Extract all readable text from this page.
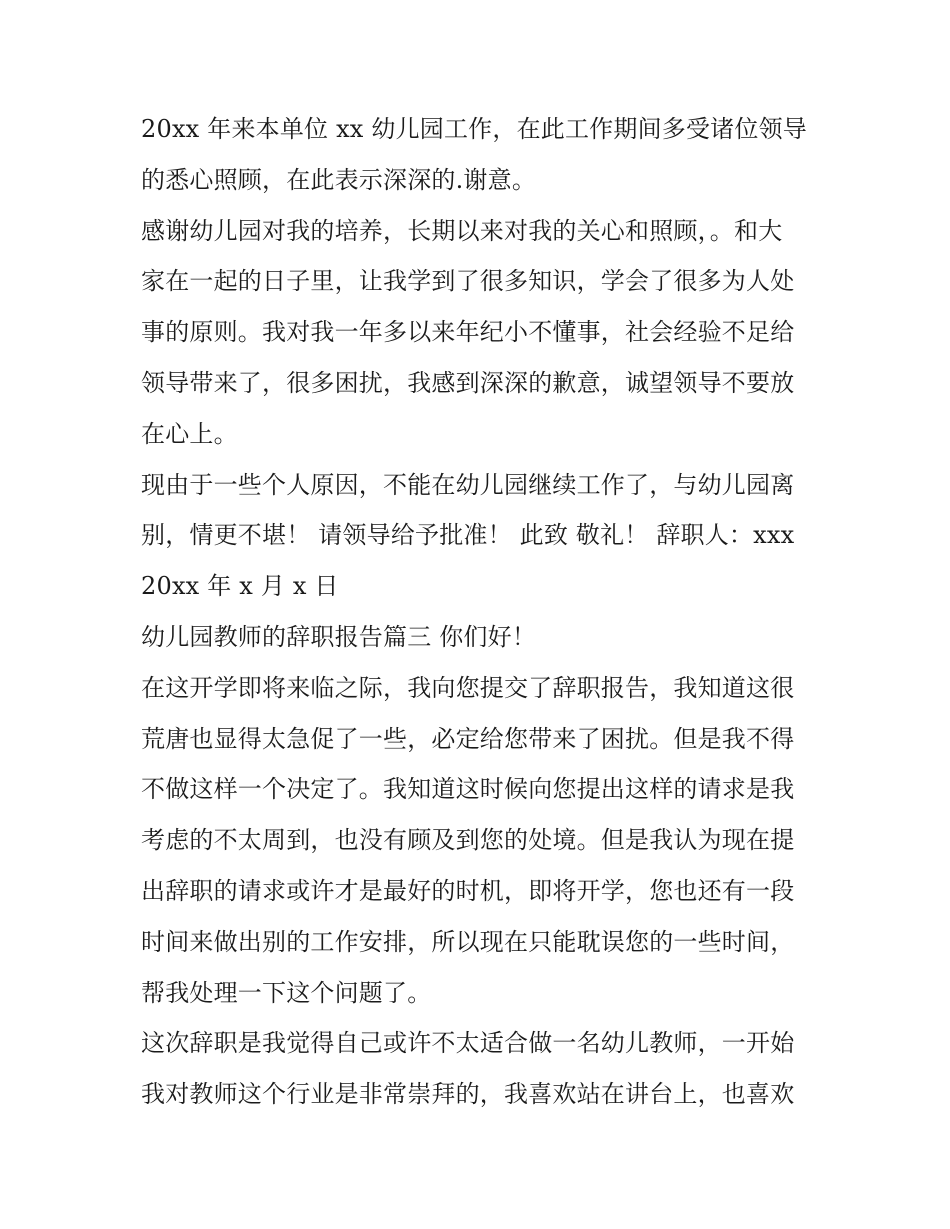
20xx 年来本单位 xx 幼儿园工作，在此工作期间多受诸位领导
的悉心照顾，在此表示深深的.谢意。
感谢幼儿园对我的培养，长期以来对我的关心和照顾，。和大
家在一起的日子里，让我学到了很多知识，学会了很多为人处
事的原则。我对我一年多以来年纪小不懂事，社会经验不足给
领导带来了，很多困扰，我感到深深的歉意，诚望领导不要放
在心上。
现由于一些个人原因，不能在幼儿园继续工作了，与幼儿园离
别，情更不堪！ 请领导给予批准！ 此致 敬礼！ 辞职人：xxx
20xx 年 x 月 x 日
幼儿园教师的辞职报告篇三 你们好！
在这开学即将来临之际，我向您提交了辞职报告，我知道这很
荒唐也显得太急促了一些，必定给您带来了困扰。但是我不得
不做这样一个决定了。我知道这时候向您提出这样的请求是我
考虑的不太周到，也没有顾及到您的处境。但是我认为现在提
出辞职的请求或许才是最好的时机，即将开学，您也还有一段
时间来做出别的工作安排，所以现在只能耽误您的一些时间，
帮我处理一下这个问题了。
这次辞职是我觉得自己或许不太适合做一名幼儿教师，一开始
我对教师这个行业是非常崇拜的，我喜欢站在讲台上，也喜欢
